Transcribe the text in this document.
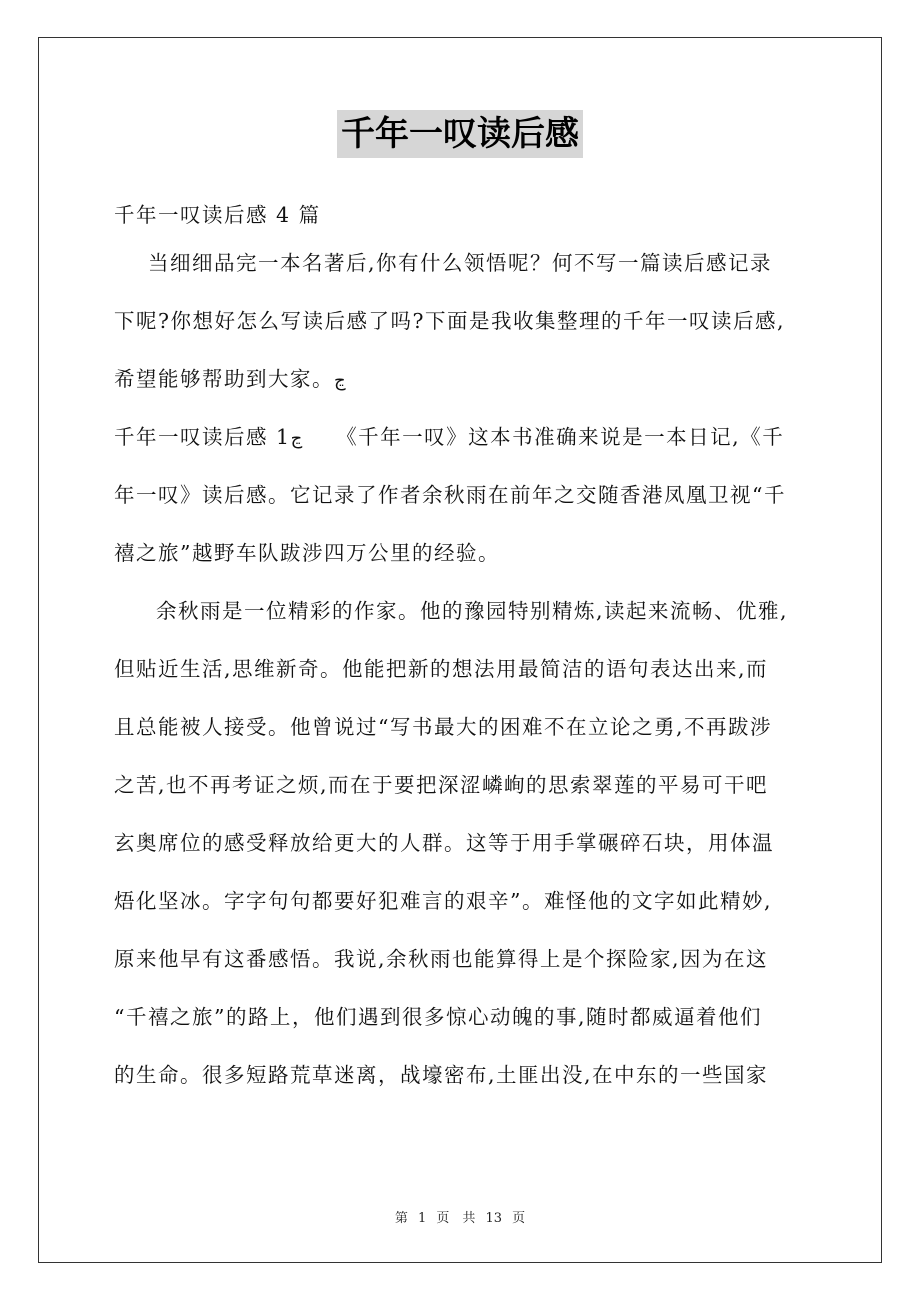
千年一叹读后感
千年一叹读后感 4 篇
当细细品完一本名著后,你有什么领悟呢？何不写一篇读后感记录
下呢?你想好怎么写读后感了吗?下面是我收集整理的千年一叹读后感,
希望能够帮助到大家。ڃ
千年一叹读后感 1ڃ 《千年一叹》这本书准确来说是一本日记,《千
年一叹》读后感。它记录了作者余秋雨在前年之交随香港凤凰卫视“千
禧之旅”越野车队跋涉四万公里的经验。
余秋雨是一位精彩的作家。他的豫园特别精炼,读起来流畅、优雅,
但贴近生活,思维新奇。他能把新的想法用最简洁的语句表达出来,而
且总能被人接受。他曾说过“写书最大的困难不在立论之勇,不再跋涉
之苦,也不再考证之烦,而在于要把深涩嶙峋的思索翠莲的平易可干吧
玄奥席位的感受释放给更大的人群。这等于用手掌碾碎石块，用体温
焐化坚冰。字字句句都要好犯难言的艰辛”。难怪他的文字如此精妙,
原来他早有这番感悟。我说,余秋雨也能算得上是个探险家,因为在这
“千禧之旅”的路上，他们遇到很多惊心动魄的事,随时都威逼着他们
的生命。很多短路荒草迷离，战壕密布,土匪出没,在中东的一些国家
第 1 页　共 13 页
